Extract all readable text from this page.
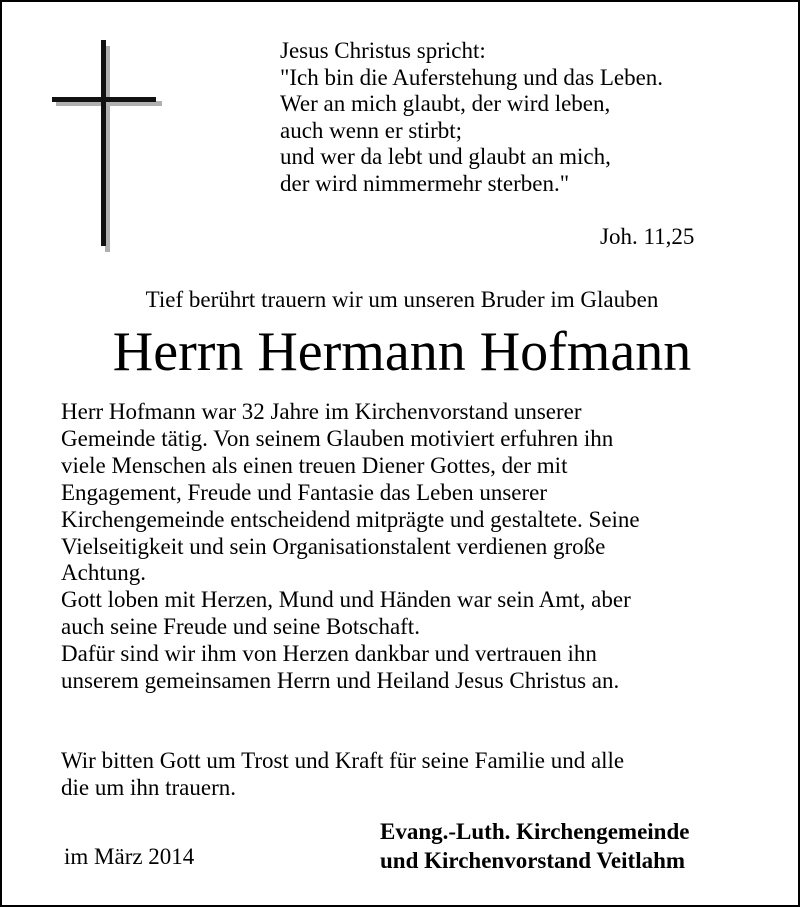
Jesus Christus spricht:
"Ich bin die Auferstehung und das Leben.
Wer an mich glaubt, der wird leben,
auch wenn er stirbt;
und wer da lebt und glaubt an mich,
der wird nimmermehr sterben."
Joh. 11,25
Tief berührt trauern wir um unseren Bruder im Glauben
Herrn Hermann Hofmann
Herr Hofmann war 32 Jahre im Kirchenvorstand unserer
Gemeinde tätig. Von seinem Glauben motiviert erfuhren ihn
viele Menschen als einen treuen Diener Gottes, der mit
Engagement, Freude und Fantasie das Leben unserer
Kirchengemeinde entscheidend mitprägte und gestaltete. Seine
Vielseitigkeit und sein Organisationstalent verdienen große
Achtung.
Gott loben mit Herzen, Mund und Händen war sein Amt, aber
auch seine Freude und seine Botschaft.
Dafür sind wir ihm von Herzen dankbar und vertrauen ihn
unserem gemeinsamen Herrn und Heiland Jesus Christus an.
Wir bitten Gott um Trost und Kraft für seine Familie und alle
die um ihn trauern.
Evang.-Luth. Kirchengemeinde
und Kirchenvorstand Veitlahm
im März 2014
